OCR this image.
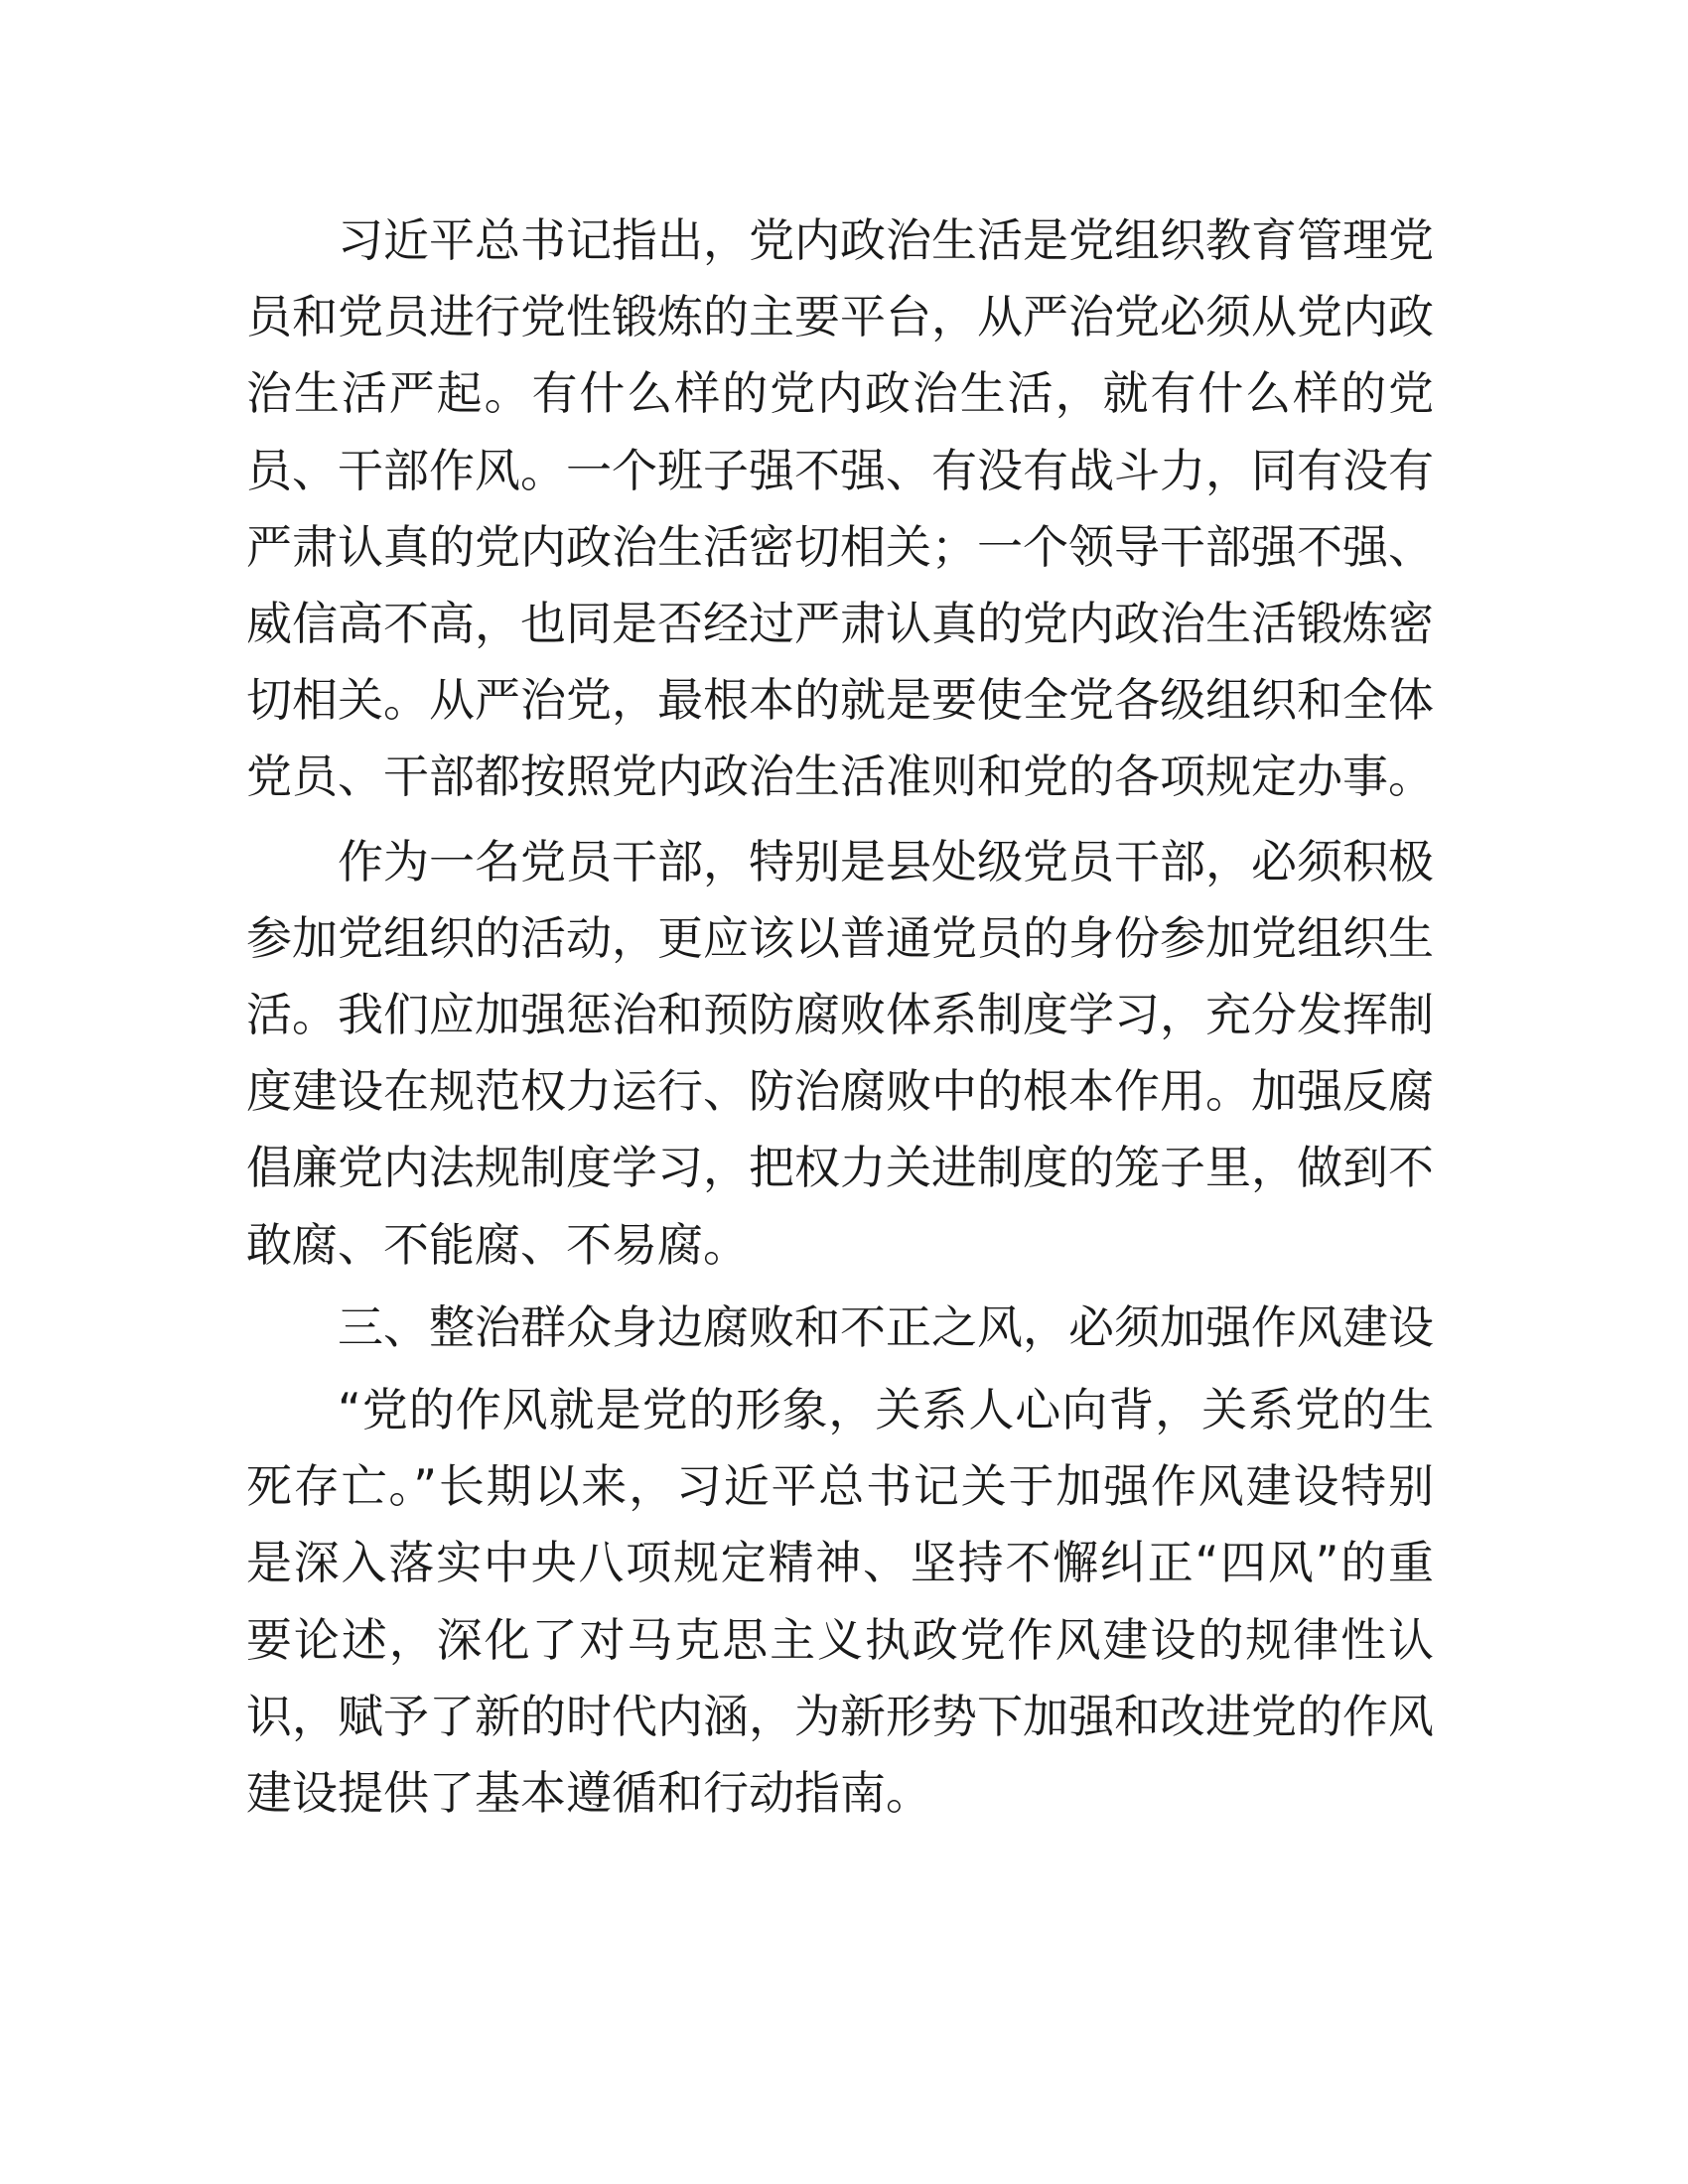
习近平总书记指出，党内政治生活是党组织教育管理党员和党员进行党性锻炼的主要平台，从严治党必须从党内政治生活严起。有什么样的党内政治生活，就有什么样的党员、干部作风。一个班子强不强、有没有战斗力，同有没有严肃认真的党内政治生活密切相关；一个领导干部强不强、威信高不高，也同是否经过严肃认真的党内政治生活锻炼密切相关。从严治党，最根本的就是要使全党各级组织和全体党员、干部都按照党内政治生活准则和党的各项规定办事。

作为一名党员干部，特别是县处级党员干部，必须积极参加党组织的活动，更应该以普通党员的身份参加党组织生活。我们应加强惩治和预防腐败体系制度学习，充分发挥制度建设在规范权力运行、防治腐败中的根本作用。加强反腐倡廉党内法规制度学习，把权力关进制度的笼子里，做到不敢腐、不能腐、不易腐。

三、整治群众身边腐败和不正之风，必须加强作风建设

“党的作风就是党的形象，关系人心向背，关系党的生死存亡。”长期以来，习近平总书记关于加强作风建设特别是深入落实中央八项规定精神、坚持不懈纠正“四风”的重要论述，深化了对马克思主义执政党作风建设的规律性认识，赋予了新的时代内涵，为新形势下加强和改进党的作风建设提供了基本遵循和行动指南。
